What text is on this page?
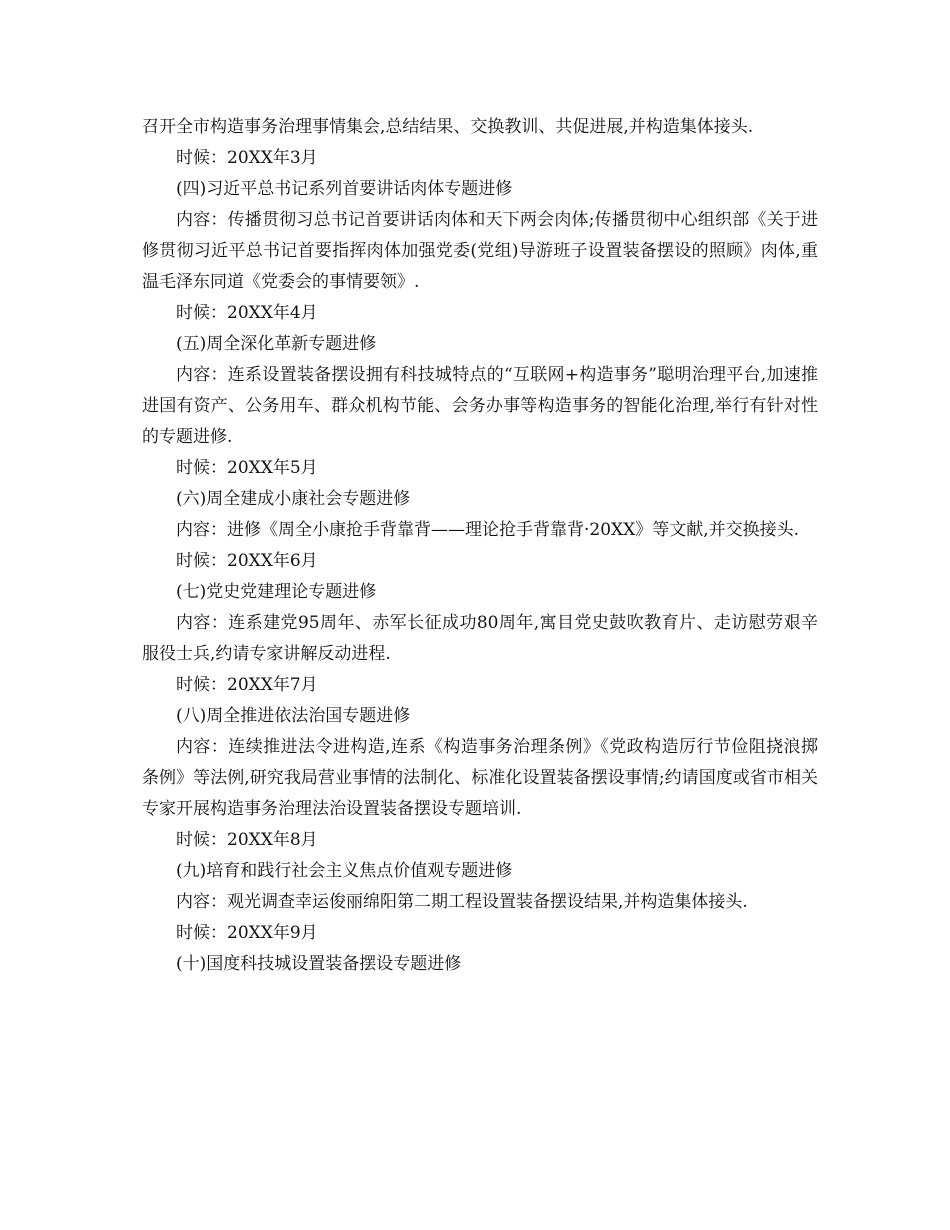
召开全市构造事务治理事情集会,总结结果、交换教训、共促进展,并构造集体接头.

时候：20XX年3月

(四)习近平总书记系列首要讲话肉体专题进修

内容：传播贯彻习总书记首要讲话肉体和天下两会肉体;传播贯彻中心组织部《关于进修贯彻习近平总书记首要指挥肉体加强党委(党组)导游班子设置装备摆设的照顾》肉体,重温毛泽东同道《党委会的事情要领》.

时候：20XX年4月

(五)周全深化革新专题进修

内容：连系设置装备摆设拥有科技城特点的“互联网+构造事务”聪明治理平台,加速推进国有资产、公务用车、群众机构节能、会务办事等构造事务的智能化治理,举行有针对性的专题进修.

时候：20XX年5月

(六)周全建成小康社会专题进修

内容：进修《周全小康抢手背靠背——理论抢手背靠背·20XX》等文献,并交换接头.

时候：20XX年6月

(七)党史党建理论专题进修

内容：连系建党95周年、赤军长征成功80周年,寓目党史鼓吹教育片、走访慰劳艰辛服役士兵,约请专家讲解反动进程.

时候：20XX年7月

(八)周全推进依法治国专题进修

内容：连续推进法令进构造,连系《构造事务治理条例》《党政构造厉行节俭阻挠浪掷条例》等法例,研究我局营业事情的法制化、标准化设置装备摆设事情;约请国度或省市相关专家开展构造事务治理法治设置装备摆设专题培训.

时候：20XX年8月

(九)培育和践行社会主义焦点价值观专题进修

内容：观光调查幸运俊丽绵阳第二期工程设置装备摆设结果,并构造集体接头.

时候：20XX年9月

(十)国度科技城设置装备摆设专题进修
